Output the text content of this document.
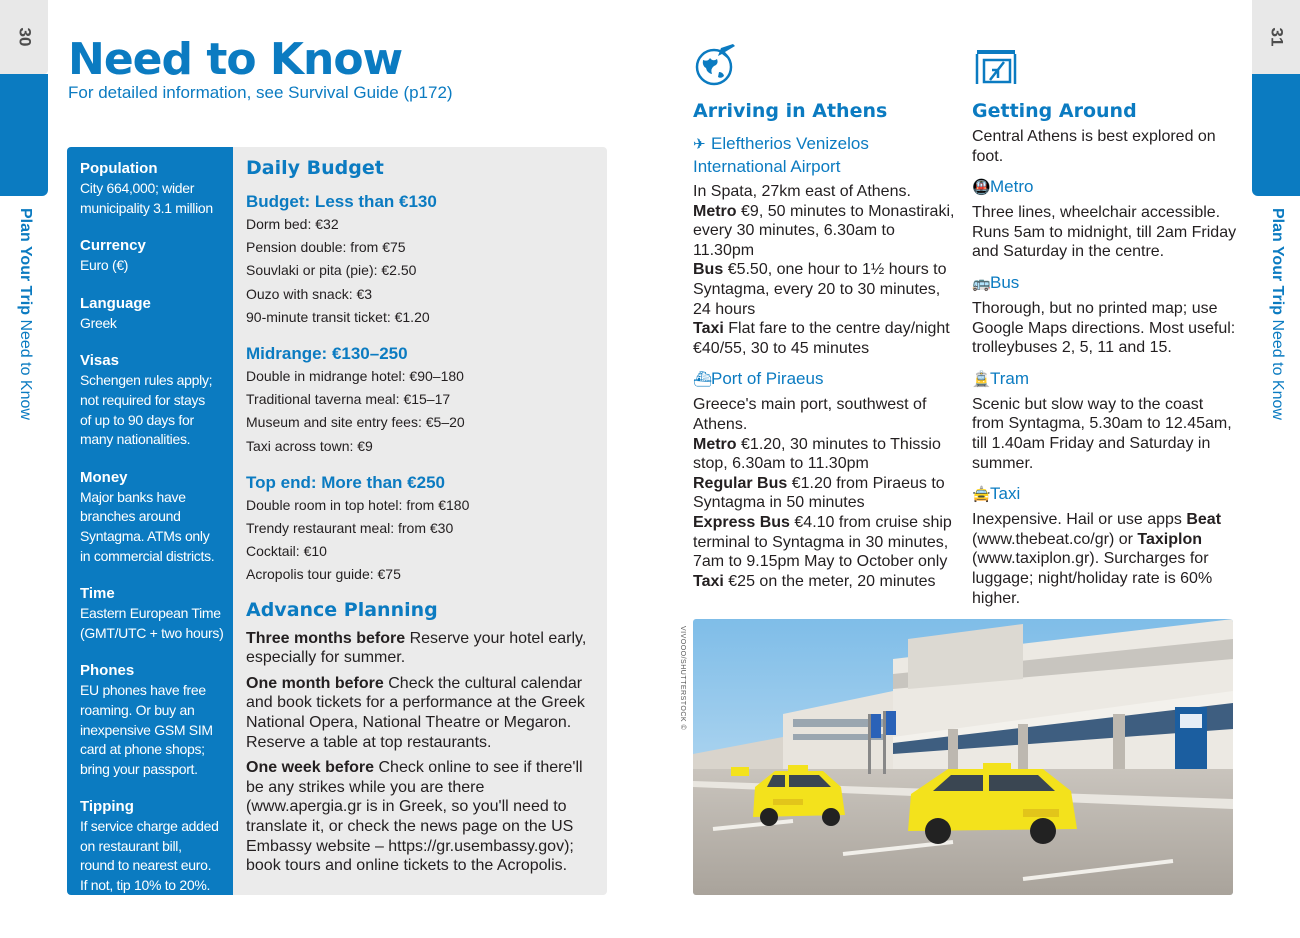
30
Plan Your Trip Need to Know
31
Plan Your Trip Need to Know
Need to Know
For detailed information, see Survival Guide (p172)
Population
City 664,000; wider
municipality 3.1 million
Currency
Euro (€)
Language
Greek
Visas
Schengen rules apply;
not required for stays
of up to 90 days for
many nationalities.
Money
Major banks have
branches around
Syntagma. ATMs only
in commercial districts.
Time
Eastern European Time
(GMT/UTC + two hours)
Phones
EU phones have free
roaming. Or buy an
inexpensive GSM SIM
card at phone shops;
bring your passport.
Tipping
If service charge added
on restaurant bill,
round to nearest euro.
If not, tip 10% to 20%.
Daily Budget
Budget: Less than €130
Dorm bed: €32
Pension double: from €75
Souvlaki or pita (pie): €2.50
Ouzo with snack: €3
90-minute transit ticket: €1.20
Midrange: €130–250
Double in midrange hotel: €90–180
Traditional taverna meal: €15–17
Museum and site entry fees: €5–20
Taxi across town: €9
Top end: More than €250
Double room in top hotel: from €180
Trendy restaurant meal: from €30
Cocktail: €10
Acropolis tour guide: €75
Advance Planning
Three months before Reserve your hotel early, especially for summer.
One month before Check the cultural calendar and book tickets for a performance at the Greek National Opera, National Theatre or Megaron. Reserve a table at top restaurants.
One week before Check online to see if there'll be any strikes while you are there (www.apergia.gr is in Greek, so you'll need to translate it, or check the news page on the US Embassy website – https://gr.usembassy.gov); book tours and online tickets to the Acropolis.
Arriving in Athens
✈ Eleftherios Venizelos International Airport

In Spata, 27km east of Athens.

Metro €9, 50 minutes to Monastiraki, every 30 minutes, 6.30am to 11.30pm

Bus €5.50, one hour to 1½ hours to Syntagma, every 20 to 30 minutes, 24 hours

Taxi Flat fare to the centre day/night €40/55, 30 to 45 minutes

⛴Port of Piraeus

Greece's main port, southwest of Athens.

Metro €1.20, 30 minutes to Thissio stop, 6.30am to 11.30pm

Regular Bus €1.20 from Piraeus to Syntagma in 50 minutes

Express Bus €4.10 from cruise ship terminal to Syntagma in 30 minutes, 7am to 9.15pm May to October only

Taxi €25 on the meter, 20 minutes

Getting Around

Central Athens is best explored on foot.

🚇Metro

Three lines, wheelchair accessible. Runs 5am to midnight, till 2am Friday and Saturday in the centre.

🚌Bus

Thorough, but no printed map; use Google Maps directions. Most useful: trolleybuses 2, 5, 11 and 15.

🚊Tram

Scenic but slow way to the coast from Syntagma, 5.30am to 12.45am, till 1.40am Friday and Saturday in summer.

🚖Taxi

Inexpensive. Hail or use apps Beat (www.thebeat.co/gr) or Taxiplon (www.taxiplon.gr). Surcharges for luggage; night/holiday rate is 60% higher.

VIVOOO/SHUTTERSTOCK ©
